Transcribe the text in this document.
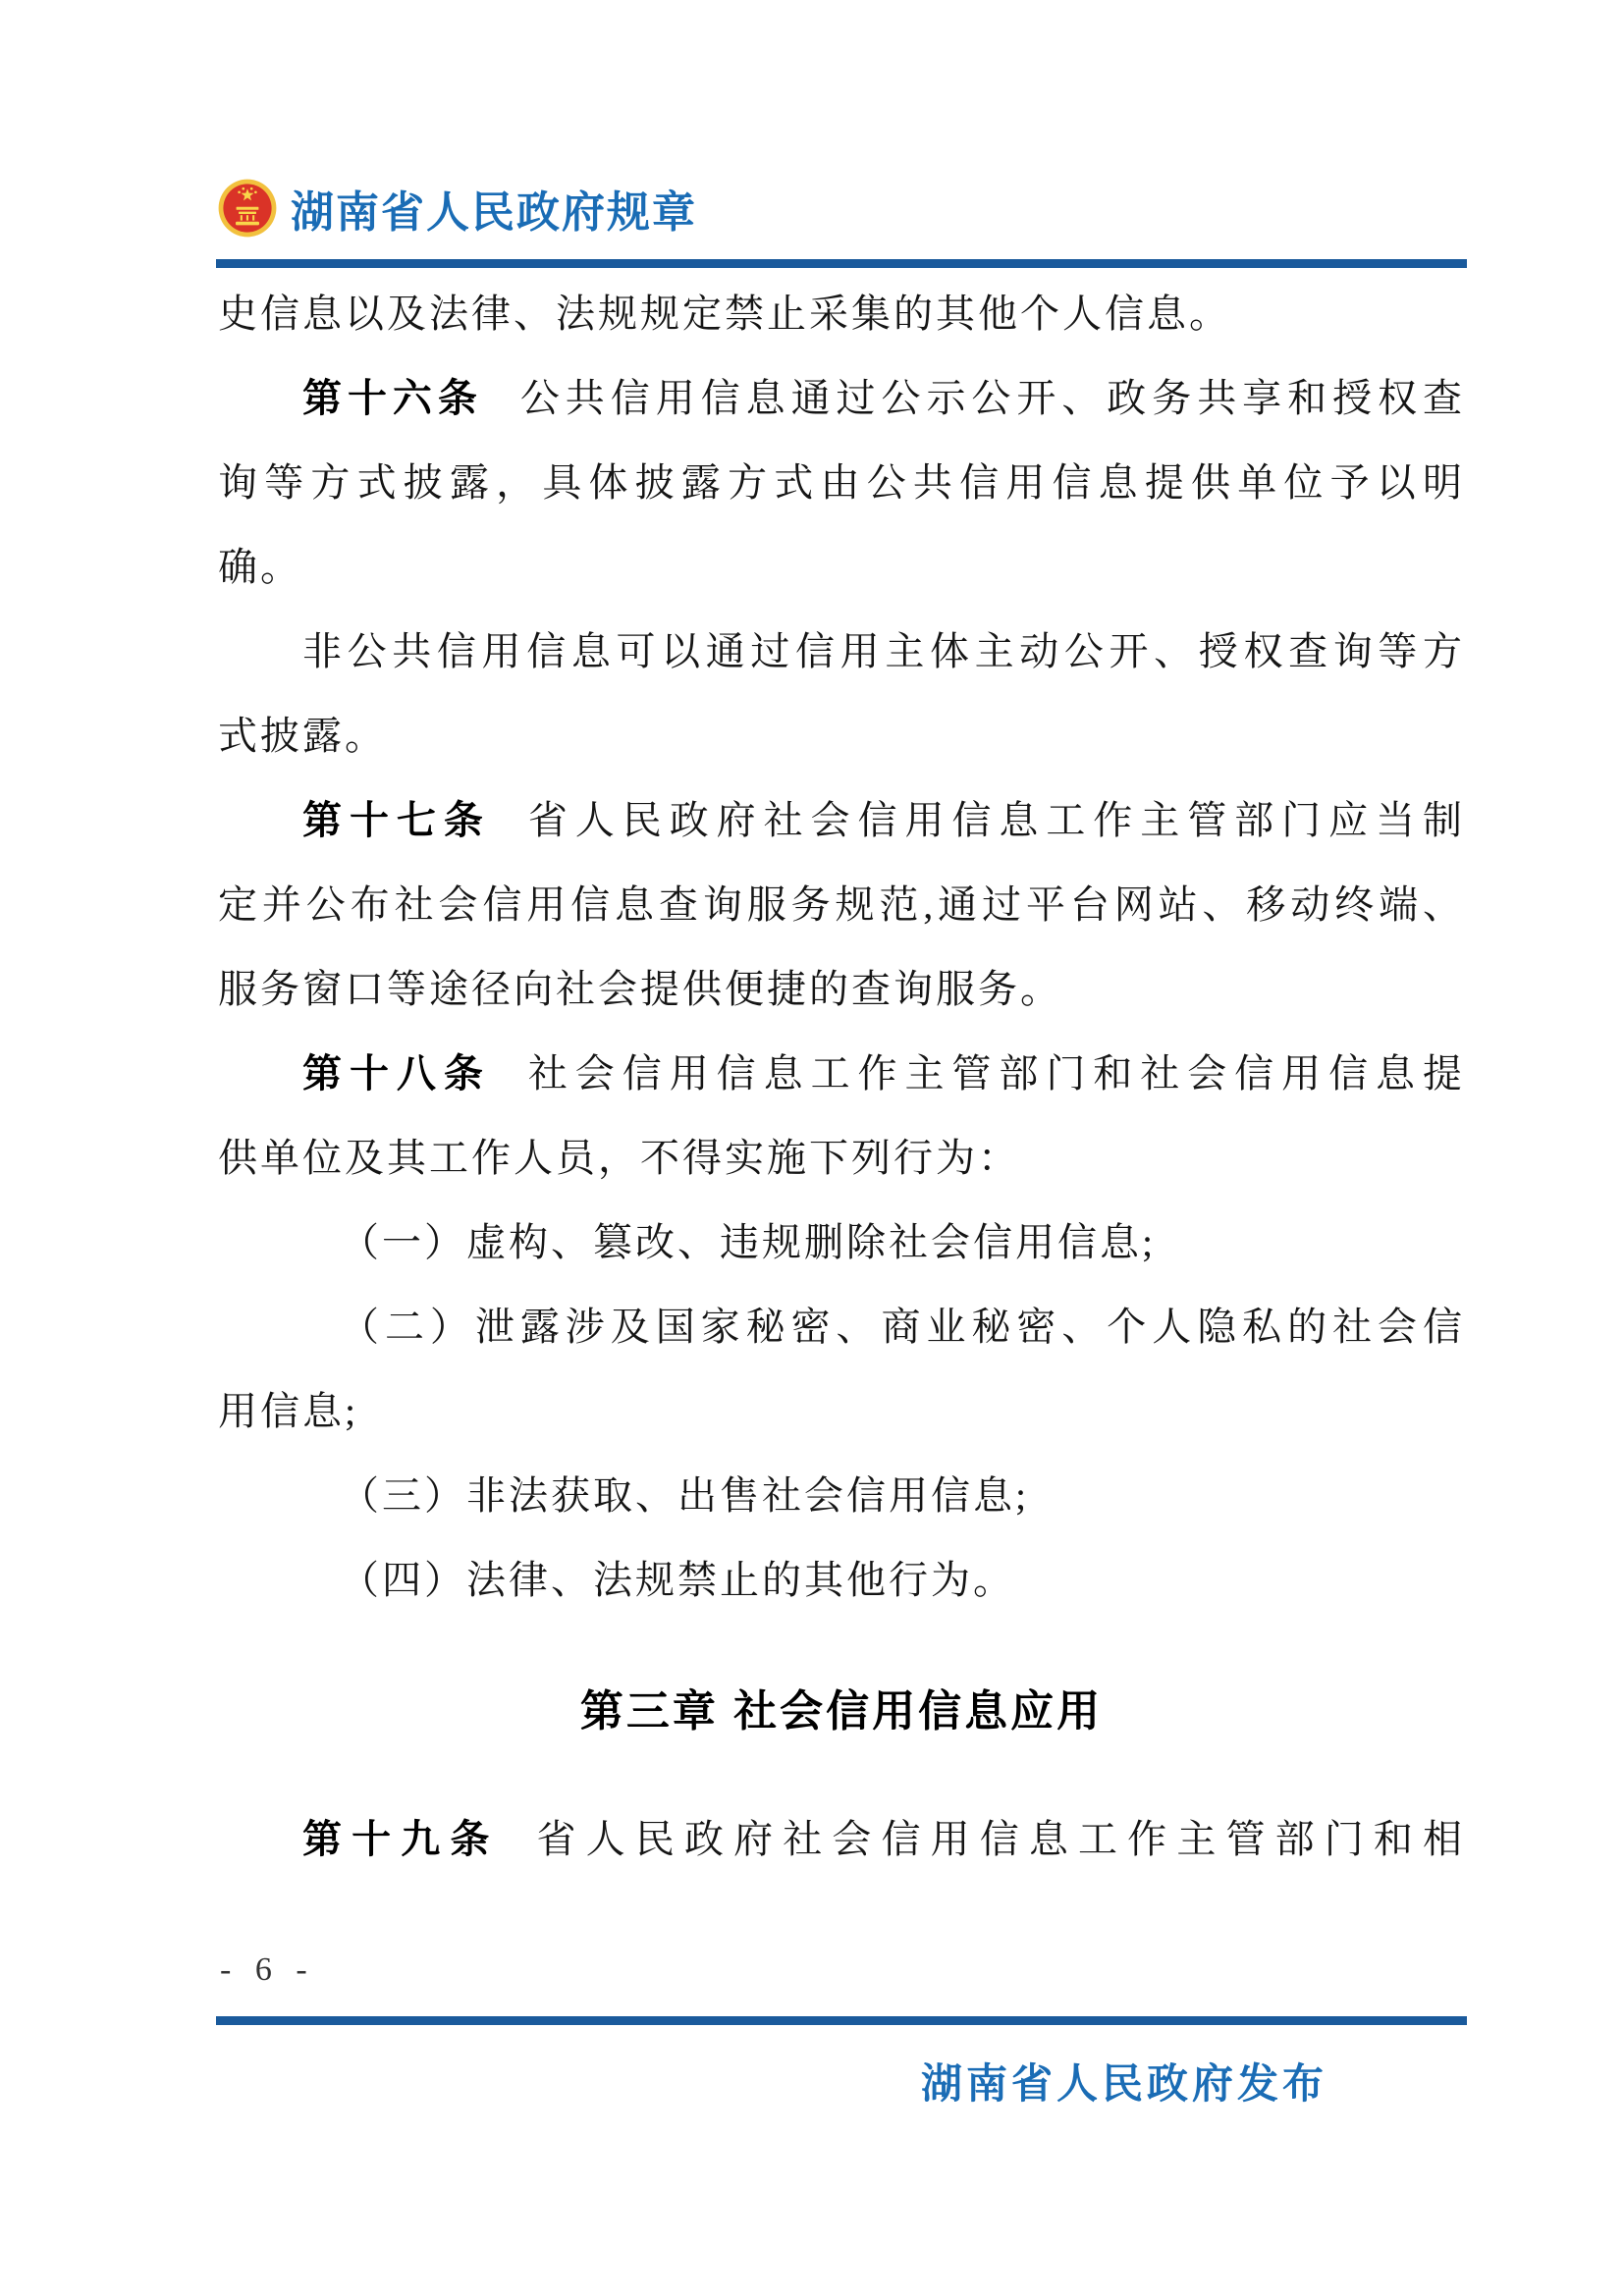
湖南省人民政府规章
史信息以及法律、法规规定禁止采集的其他个人信息。
第十六条 公共信用信息通过公示公开、政务共享和授权查
询等方式披露，具体披露方式由公共信用信息提供单位予以明
确。
非公共信用信息可以通过信用主体主动公开、授权查询等方
式披露。
第十七条 省人民政府社会信用信息工作主管部门应当制
定并公布社会信用信息查询服务规范,通过平台网站、移动终端、
服务窗口等途径向社会提供便捷的查询服务。
第十八条 社会信用信息工作主管部门和社会信用信息提
供单位及其工作人员，不得实施下列行为：
（一）虚构、篡改、违规删除社会信用信息;
（二）泄露涉及国家秘密、商业秘密、个人隐私的社会信
用信息;
（三）非法获取、出售社会信用信息;
（四）法律、法规禁止的其他行为。
第三章 社会信用信息应用
第十九条 省人民政府社会信用信息工作主管部门和相
- 6 -
湖南省人民政府发布
